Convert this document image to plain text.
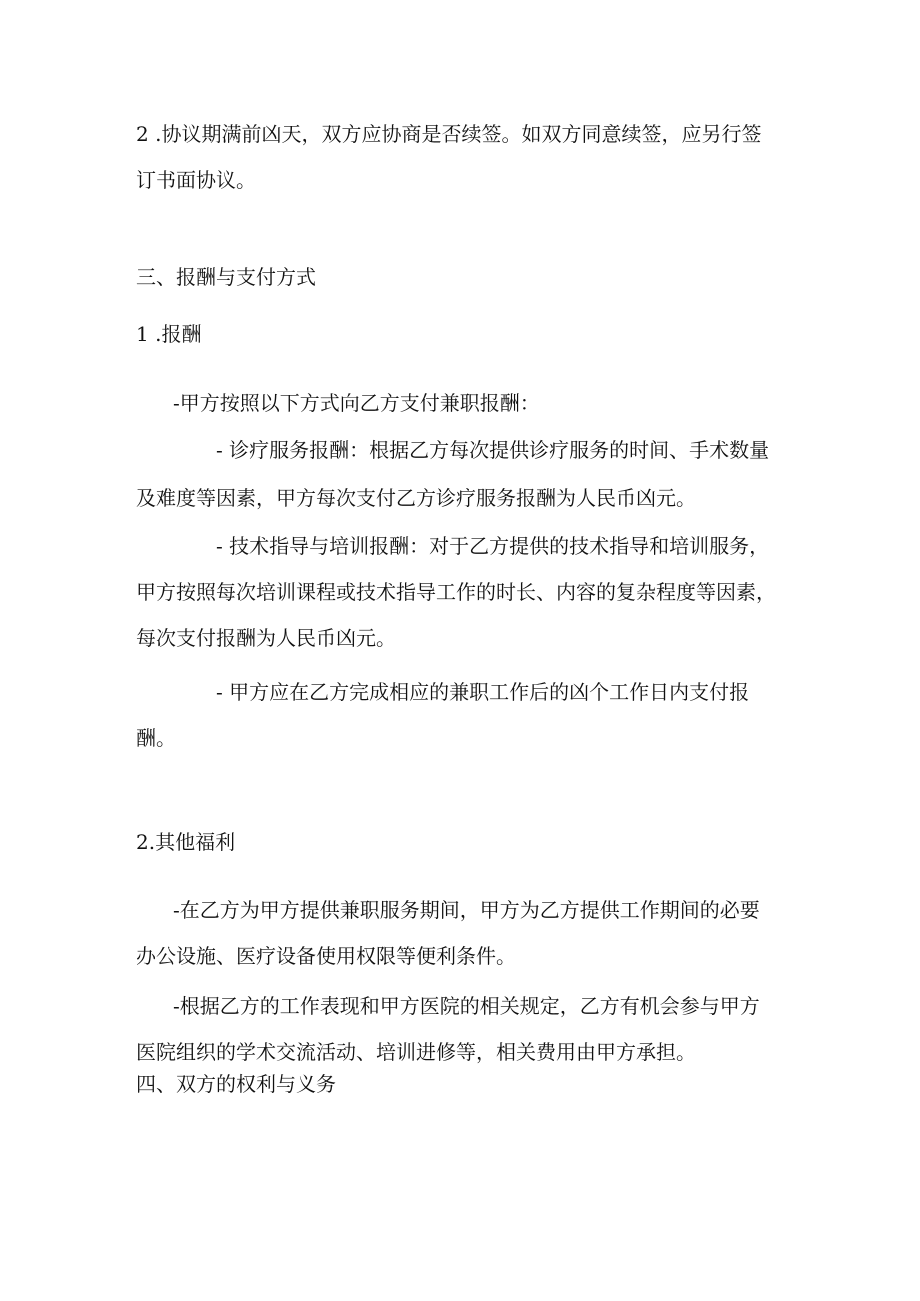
2 .协议期满前凶天，双方应协商是否续签。如双方同意续签，应另行签
订书面协议。
三、报酬与支付方式
1 .报酬
-甲方按照以下方式向乙方支付兼职报酬：
- 诊疗服务报酬：根据乙方每次提供诊疗服务的时间、手术数量
及难度等因素，甲方每次支付乙方诊疗服务报酬为人民币凶元。
- 技术指导与培训报酬：对于乙方提供的技术指导和培训服务，
甲方按照每次培训课程或技术指导工作的时长、内容的复杂程度等因素，
每次支付报酬为人民币凶元。
- 甲方应在乙方完成相应的兼职工作后的凶个工作日内支付报
酬。
2.其他福利
-在乙方为甲方提供兼职服务期间，甲方为乙方提供工作期间的必要
办公设施、医疗设备使用权限等便利条件。
-根据乙方的工作表现和甲方医院的相关规定，乙方有机会参与甲方
医院组织的学术交流活动、培训进修等，相关费用由甲方承担。
四、双方的权利与义务
